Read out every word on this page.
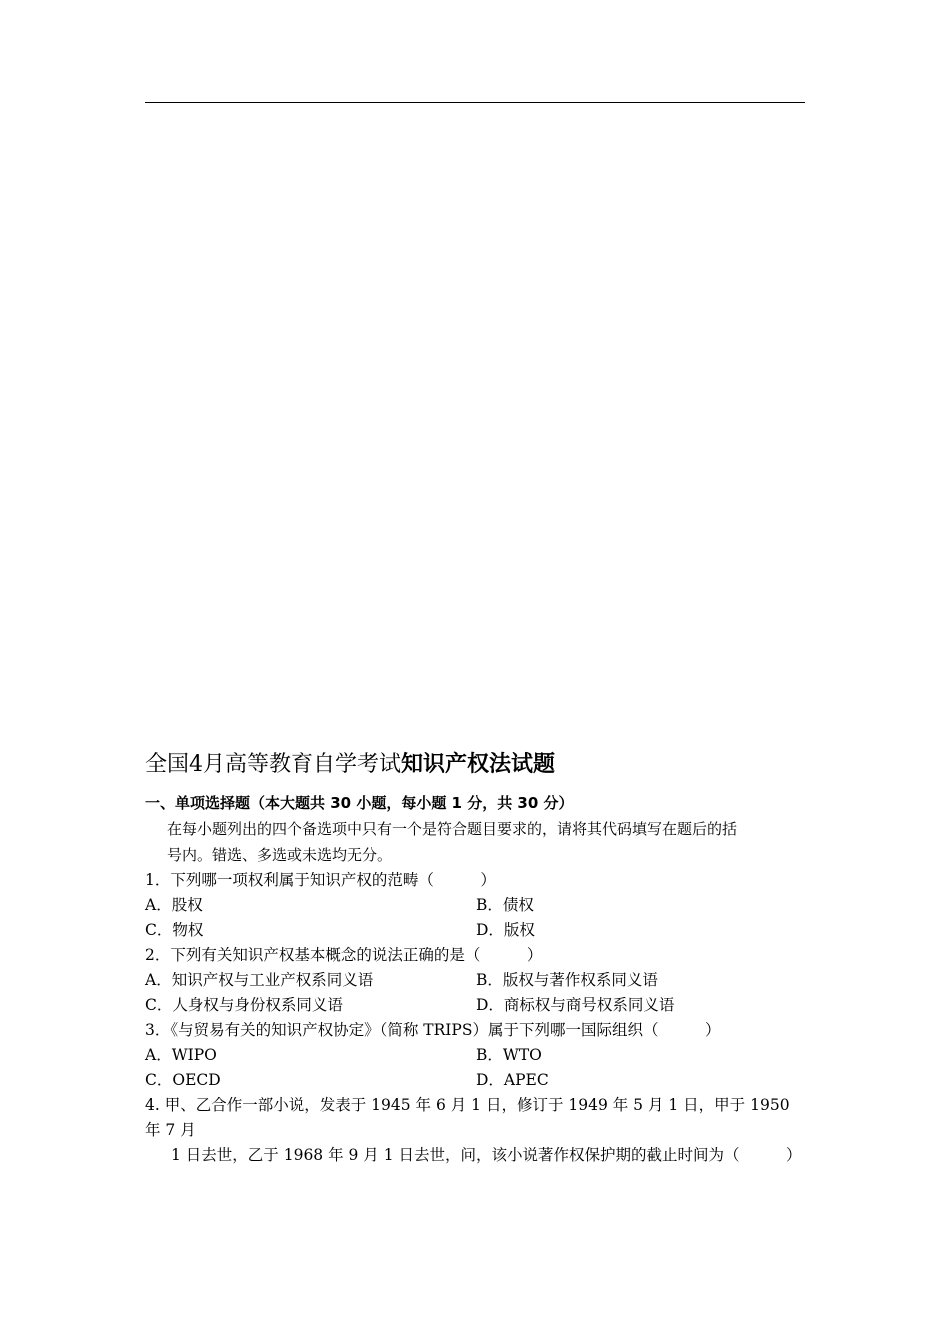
全国4月高等教育自学考试知识产权法试题
一、单项选择题（本大题共 30 小题，每小题 1 分，共 30 分）
在每小题列出的四个备选项中只有一个是符合题目要求的，请将其代码填写在题后的括
号内。错选、多选或未选均无分。
1．下列哪一项权利属于知识产权的范畴（　　　）
A．股权	B．债权
C．物权	D．版权
2．下列有关知识产权基本概念的说法正确的是（　　　）
A．知识产权与工业产权系同义语	B．版权与著作权系同义语
C．人身权与身份权系同义语	D．商标权与商号权系同义语
3．《与贸易有关的知识产权协定》（简称 TRIPS）属于下列哪一国际组织（　　　）
A．WIPO	B．WTO
C．OECD	D．APEC
4. 甲、乙合作一部小说，发表于 1945 年 6 月 1 日，修订于 1949 年 5 月 1 日，甲于 1950 年 7 月
1 日去世，乙于 1968 年 9 月 1 日去世，问，该小说著作权保护期的截止时间为（　　　）
